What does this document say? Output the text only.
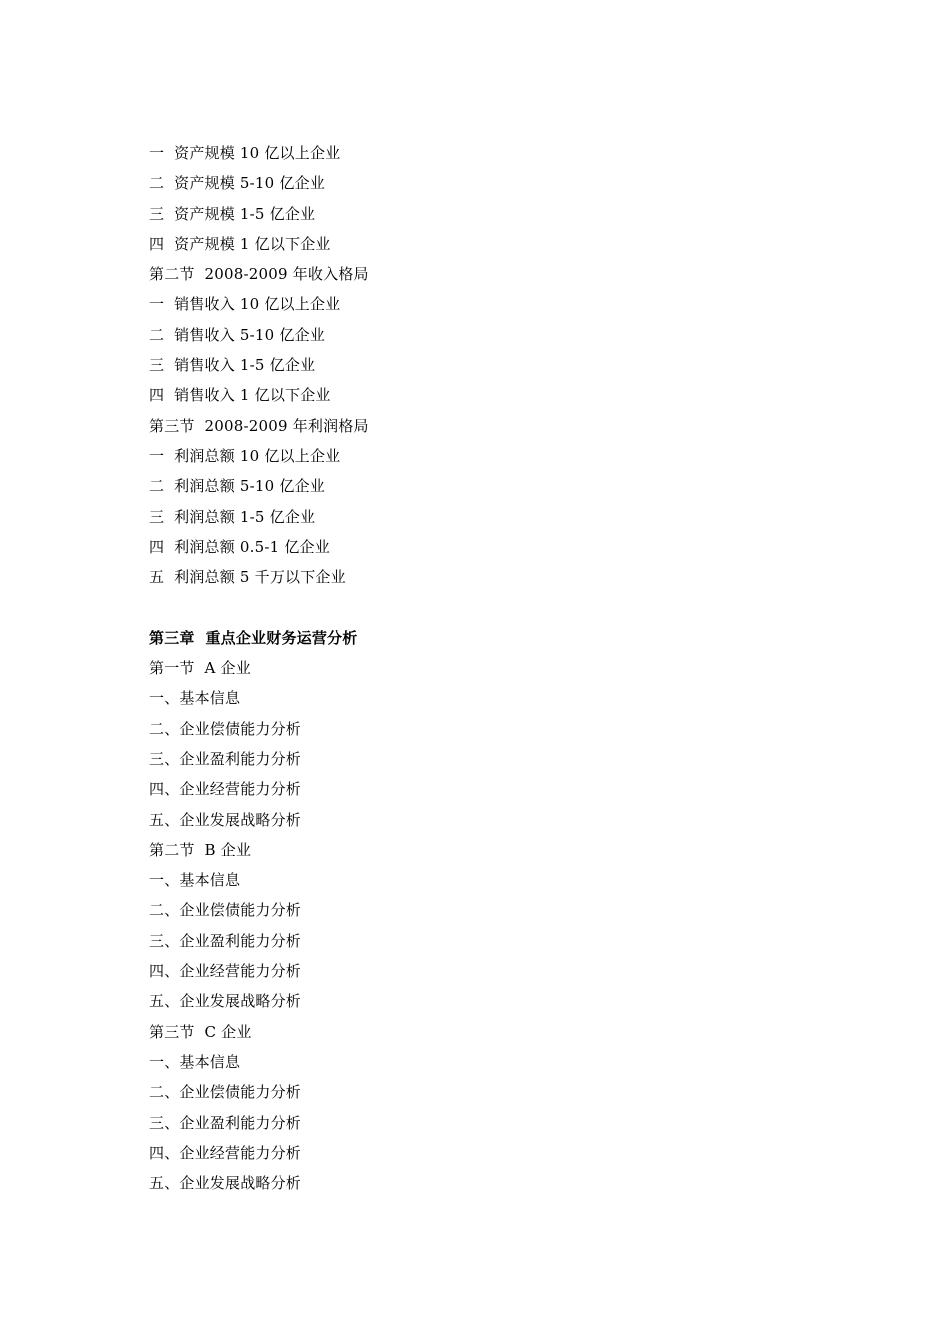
一  资产规模 10 亿以上企业
二  资产规模 5-10 亿企业
三  资产规模 1-5 亿企业
四  资产规模 1 亿以下企业
第二节  2008-2009 年收入格局
一  销售收入 10 亿以上企业
二  销售收入 5-10 亿企业
三  销售收入 1-5 亿企业
四  销售收入 1 亿以下企业
第三节  2008-2009 年利润格局
一  利润总额 10 亿以上企业
二  利润总额 5-10 亿企业
三  利润总额 1-5 亿企业
四  利润总额 0.5-1 亿企业
五  利润总额 5 千万以下企业
第三章  重点企业财务运营分析
第一节  A 企业
一、基本信息
二、企业偿债能力分析
三、企业盈利能力分析
四、企业经营能力分析
五、企业发展战略分析
第二节  B 企业
一、基本信息
二、企业偿债能力分析
三、企业盈利能力分析
四、企业经营能力分析
五、企业发展战略分析
第三节  C 企业
一、基本信息
二、企业偿债能力分析
三、企业盈利能力分析
四、企业经营能力分析
五、企业发展战略分析
